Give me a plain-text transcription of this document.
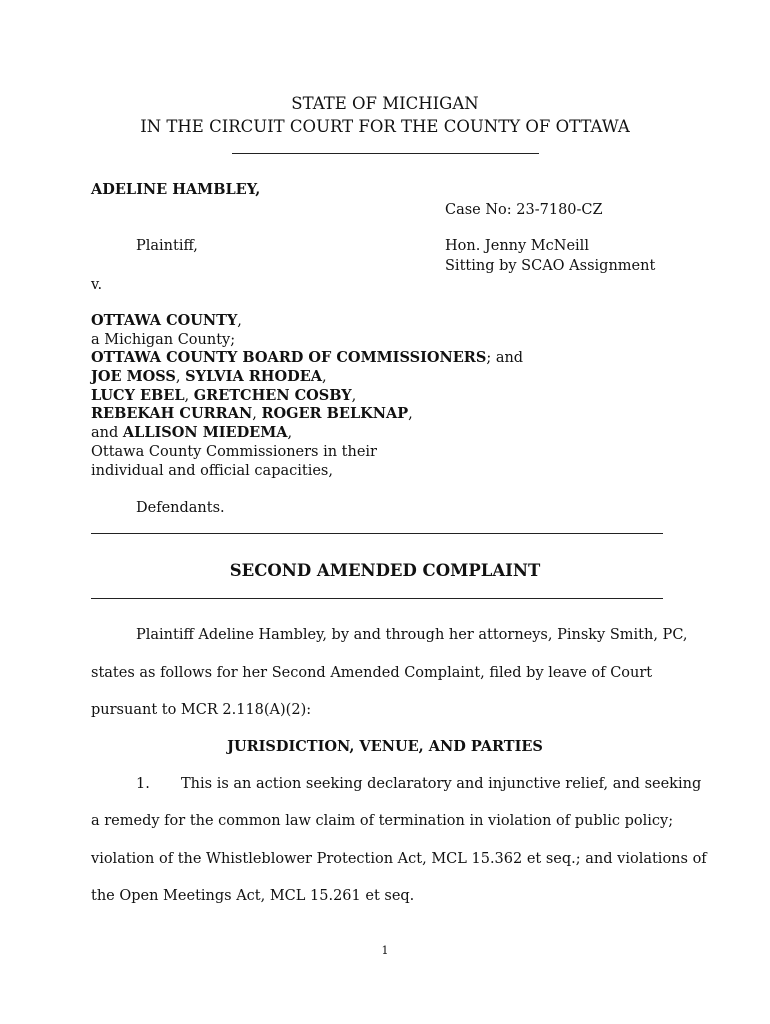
STATE OF MICHIGAN
IN THE CIRCUIT COURT FOR THE COUNTY OF OTTAWA
ADELINE HAMBLEY,
Case No: 23-7180-CZ
Plaintiff,	Hon. Jenny McNeill
Sitting by SCAO Assignment
v.
OTTAWA COUNTY,
a Michigan County;
OTTAWA COUNTY BOARD OF COMMISSIONERS; and
JOE MOSS, SYLVIA RHODEA,
LUCY EBEL, GRETCHEN COSBY,
REBEKAH CURRAN, ROGER BELKNAP,
and ALLISON MIEDEMA,
Ottawa County Commissioners in their
individual and official capacities,
Defendants.
SECOND AMENDED COMPLAINT
Plaintiff Adeline Hambley, by and through her attorneys, Pinsky Smith, PC,
states as follows for her Second Amended Complaint, filed by leave of Court
pursuant to MCR 2.118(A)(2):
JURISDICTION, VENUE, AND PARTIES
1. This is an action seeking declaratory and injunctive relief, and seeking
a remedy for the common law claim of termination in violation of public policy;
violation of the Whistleblower Protection Act, MCL 15.362 et seq.; and violations of
the Open Meetings Act, MCL 15.261 et seq.
1
